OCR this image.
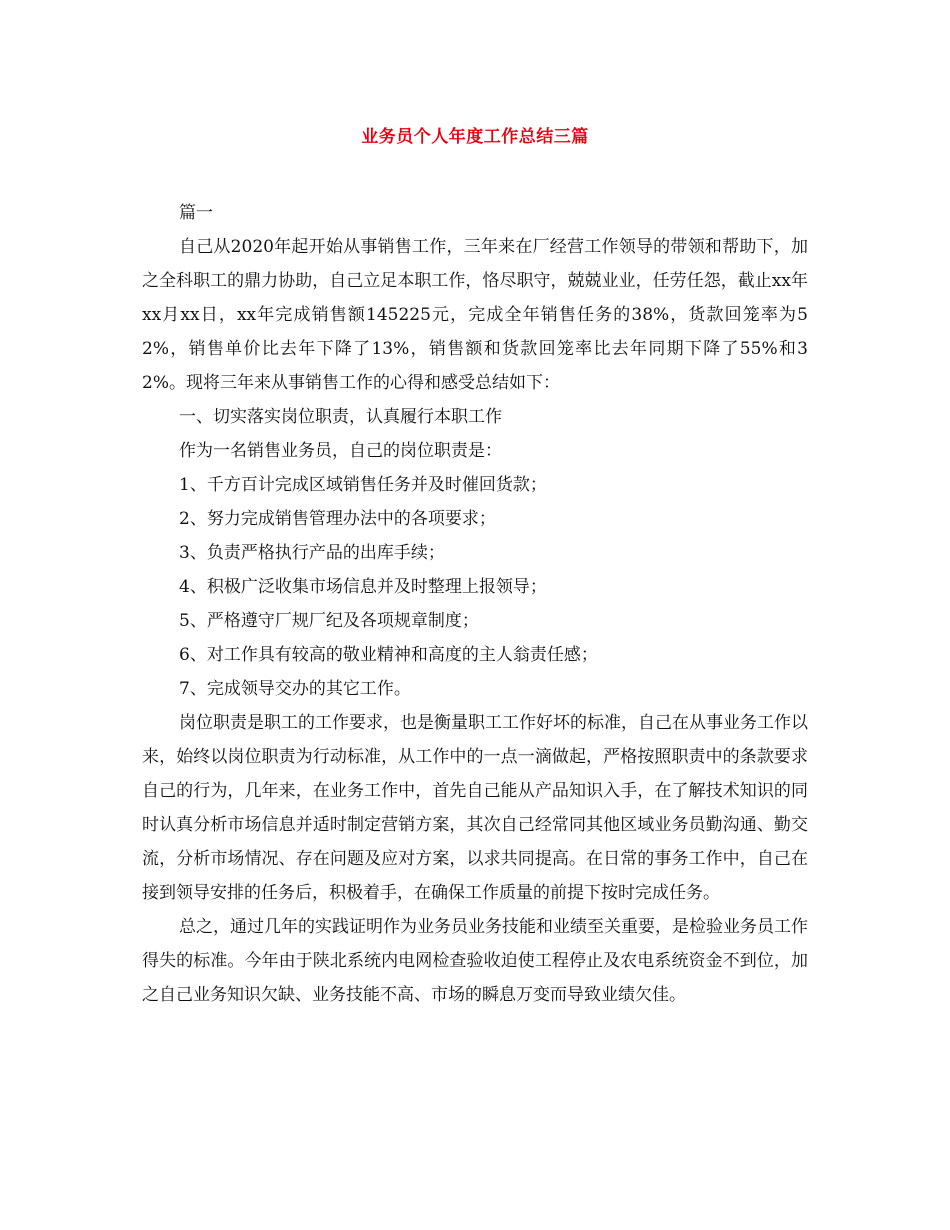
业务员个人年度工作总结三篇

篇一

自己从2020年起开始从事销售工作，三年来在厂经营工作领导的带领和帮助下，加之全科职工的鼎力协助，自己立足本职工作，恪尽职守，兢兢业业，任劳任怨，截止xx年xx月xx日，xx年完成销售额145225元，完成全年销售任务的38%，货款回笼率为52%，销售单价比去年下降了13%，销售额和货款回笼率比去年同期下降了55%和32%。现将三年来从事销售工作的心得和感受总结如下：

一、切实落实岗位职责，认真履行本职工作

作为一名销售业务员，自己的岗位职责是：

1、千方百计完成区域销售任务并及时催回货款；

2、努力完成销售管理办法中的各项要求；

3、负责严格执行产品的出库手续；

4、积极广泛收集市场信息并及时整理上报领导；

5、严格遵守厂规厂纪及各项规章制度；

6、对工作具有较高的敬业精神和高度的主人翁责任感；

7、完成领导交办的其它工作。

岗位职责是职工的工作要求，也是衡量职工工作好坏的标准，自己在从事业务工作以来，始终以岗位职责为行动标准，从工作中的一点一滴做起，严格按照职责中的条款要求自己的行为，几年来，在业务工作中，首先自己能从产品知识入手，在了解技术知识的同时认真分析市场信息并适时制定营销方案，其次自己经常同其他区域业务员勤沟通、勤交流，分析市场情况、存在问题及应对方案，以求共同提高。在日常的事务工作中，自己在接到领导安排的任务后，积极着手，在确保工作质量的前提下按时完成任务。

总之，通过几年的实践证明作为业务员业务技能和业绩至关重要，是检验业务员工作得失的标准。今年由于陕北系统内电网检查验收迫使工程停止及农电系统资金不到位，加之自己业务知识欠缺、业务技能不高、市场的瞬息万变而导致业绩欠佳。
